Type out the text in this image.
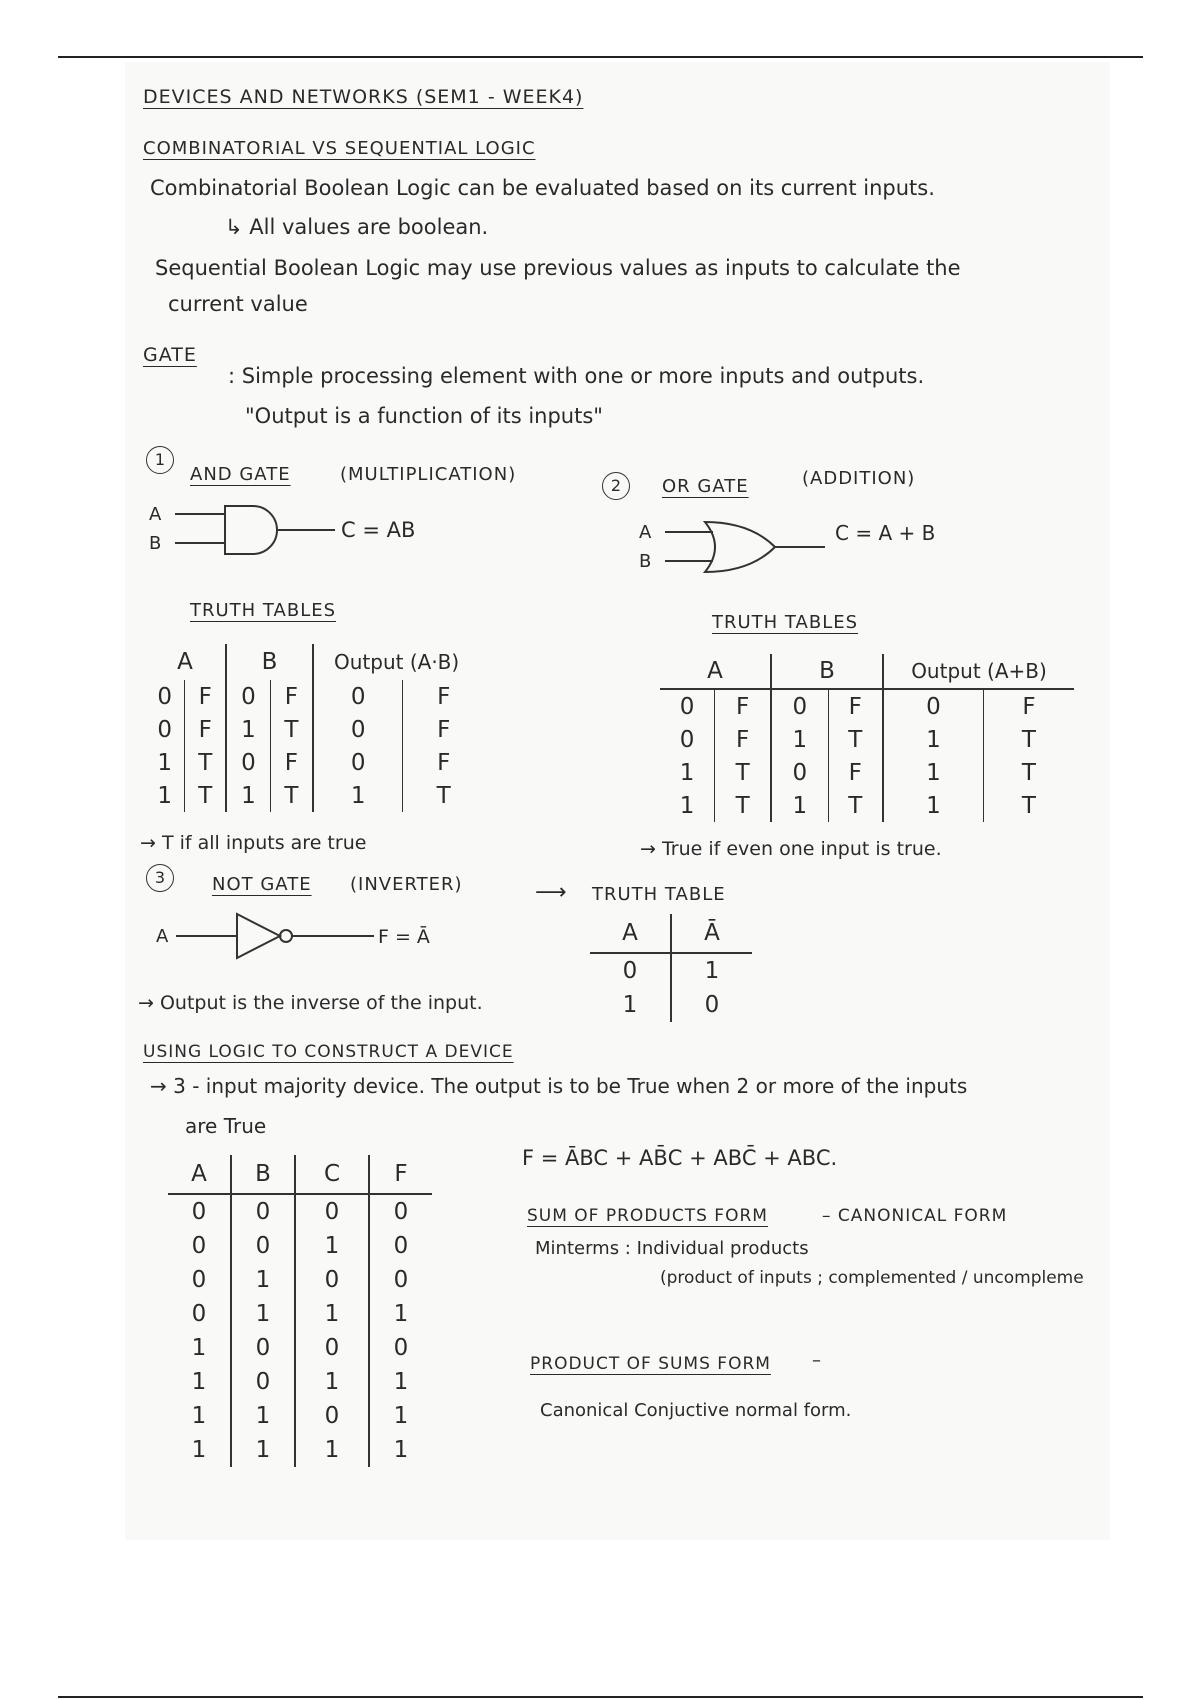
DEVICES AND NETWORKS (SEM1 - WEEK4)
COMBINATORIAL VS SEQUENTIAL LOGIC
Combinatorial Boolean Logic can be evaluated based on its current inputs.
↳ All values are boolean.
Sequential Boolean Logic may use previous values as inputs to calculate the
current value
GATE
: Simple processing element with one or more inputs and outputs.
"Output is a function of its inputs"
1
AND GATE	(MULTIPLICATION)
A
B
C = AB
2	OR GATE	(ADDITION)
A
B
C = A + B
TRUTH TABLES
A		B		Output (A·B)	
0	F	0	F	0	F
0	F	1	T	0	F
1	T	0	F	0	F
1	T	1	T	1	T
→ T if all inputs are true
TRUTH TABLES
A		B		Output (A+B)	
0	F	0	F	0	F
0	F	1	T	1	T
1	T	0	F	1	T
1	T	1	T	1	T
→ True if even one input is true.
3	NOT GATE (INVERTER)	⟶ TRUTH TABLE
A	F = Ā	A	Ā
0	1
1	0
→ Output is the inverse of the input.
USING LOGIC TO CONSTRUCT A DEVICE
→ 3 - input majority device. The output is to be True when 2 or more of the inputs
are True
A	B	C	F
0	0	0	0
0	0	1	0
0	1	0	0
0	1	1	1
1	0	0	0
1	0	1	1
1	1	0	1
1	1	1	1
F = ĀBC + AB̄C + ABC̄ + ABC.
SUM OF PRODUCTS FORM	– CANONICAL FORM
Minterms : Individual products
(product of inputs ; complemented / uncompleme
PRODUCT OF SUMS FORM –
Canonical Conjuctive normal form.
